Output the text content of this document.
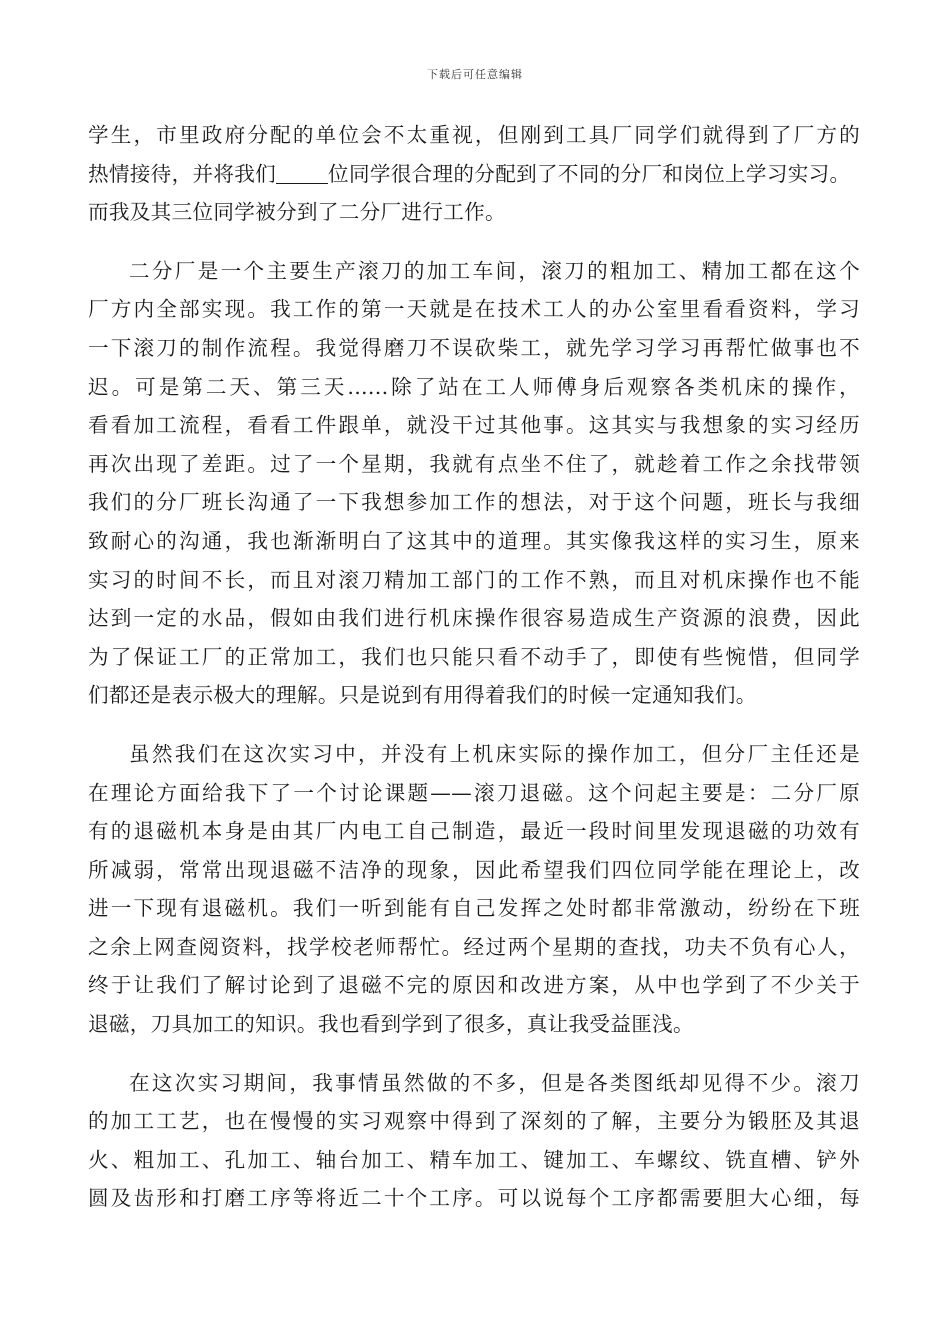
下载后可任意编辑
学生，市里政府分配的单位会不太重视，但刚到工具厂同学们就得到了厂方的
热情接待，并将我们	位同学很合理的分配到了不同的分厂和岗位上学习实习。
而我及其三位同学被分到了二分厂进行工作。
二分厂是一个主要生产滚刀的加工车间，滚刀的粗加工、精加工都在这个
厂方内全部实现。我工作的第一天就是在技术工人的办公室里看看资料，学习
一下滚刀的制作流程。我觉得磨刀不误砍柴工，就先学习学习再帮忙做事也不
迟。可是第二天、第三天......除了站在工人师傅身后观察各类机床的操作，
看看加工流程，看看工件跟单，就没干过其他事。这其实与我想象的实习经历
再次出现了差距。过了一个星期，我就有点坐不住了，就趁着工作之余找带领
我们的分厂班长沟通了一下我想参加工作的想法，对于这个问题，班长与我细
致耐心的沟通，我也渐渐明白了这其中的道理。其实像我这样的实习生，原来
实习的时间不长，而且对滚刀精加工部门的工作不熟，而且对机床操作也不能
达到一定的水品，假如由我们进行机床操作很容易造成生产资源的浪费，因此
为了保证工厂的正常加工，我们也只能只看不动手了，即使有些惋惜，但同学
们都还是表示极大的理解。只是说到有用得着我们的时候一定通知我们。
虽然我们在这次实习中，并没有上机床实际的操作加工，但分厂主任还是
在理论方面给我下了一个讨论课题——滚刀退磁。这个问起主要是：二分厂原
有的退磁机本身是由其厂内电工自己制造，最近一段时间里发现退磁的功效有
所减弱，常常出现退磁不洁净的现象，因此希望我们四位同学能在理论上，改
进一下现有退磁机。我们一听到能有自己发挥之处时都非常激动，纷纷在下班
之余上网查阅资料，找学校老师帮忙。经过两个星期的查找，功夫不负有心人，
终于让我们了解讨论到了退磁不完的原因和改进方案，从中也学到了不少关于
退磁，刀具加工的知识。我也看到学到了很多，真让我受益匪浅。
在这次实习期间，我事情虽然做的不多，但是各类图纸却见得不少。滚刀
的加工工艺，也在慢慢的实习观察中得到了深刻的了解，主要分为锻胚及其退
火、粗加工、孔加工、轴台加工、精车加工、键加工、车螺纹、铣直槽、铲外
圆及齿形和打磨工序等将近二十个工序。可以说每个工序都需要胆大心细，每
